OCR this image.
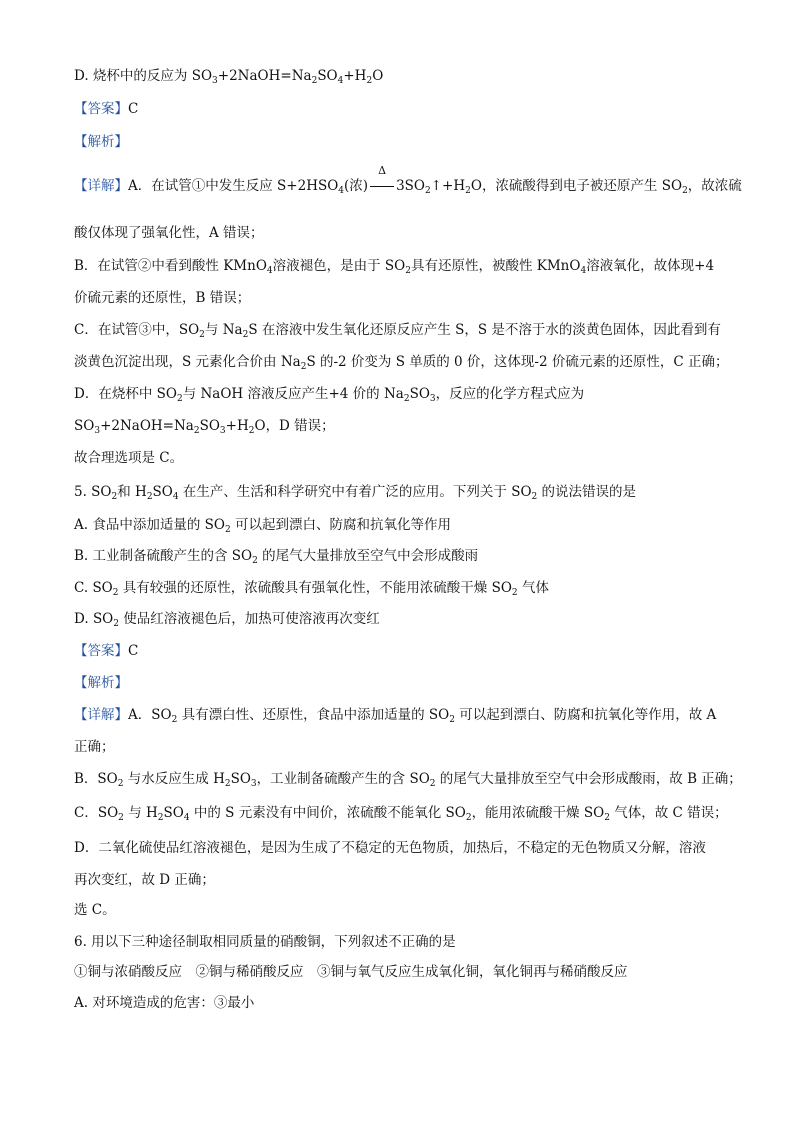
D. 烧杯中的反应为 $SO_3+2NaOH=Na_2SO_4+H_2O$
【答案】C
【解析】
【详解】A．在试管①中发生反应 $S+2HSO_4$(浓)
Δ
$3SO_2↑+H_2O$，浓硫酸得到电子被还原产生 $SO_2$，故浓硫
酸仅体现了强氧化性，A 错误；
B．在试管②中看到酸性 KMnO$_4$溶液褪色，是由于 $SO_2$具有还原性，被酸性 KMnO$_4$溶液氧化，故体现+4
价硫元素的还原性，B 错误；
C．在试管③中，$SO_2$与 $Na_2S$ 在溶液中发生氧化还原反应产生 S，S 是不溶于水的淡黄色固体，因此看到有
淡黄色沉淀出现，S 元素化合价由 $Na_2S$ 的-2 价变为 S 单质的 0 价，这体现-2 价硫元素的还原性，C 正确；
D．在烧杯中 $SO_2$与 NaOH 溶液反应产生+4 价的 $Na_2SO_3$，反应的化学方程式应为
$SO_3+2NaOH=Na_2SO_3+H_2O$，D 错误；
故合理选项是 C。
5. $SO_2$和 $H_2SO_4$ 在生产、生活和科学研究中有着广泛的应用。下列关于 $SO_2$ 的说法错误的是
A. 食品中添加适量的 $SO_2$ 可以起到漂白、防腐和抗氧化等作用
B. 工业制备硫酸产生的含 $SO_2$ 的尾气大量排放至空气中会形成酸雨
C. $SO_2$ 具有较强的还原性，浓硫酸具有强氧化性，不能用浓硫酸干燥 $SO_2$ 气体
D. $SO_2$ 使品红溶液褪色后，加热可使溶液再次变红
【答案】C
【解析】
【详解】A．$SO_2$ 具有漂白性、还原性，食品中添加适量的 $SO_2$ 可以起到漂白、防腐和抗氧化等作用，故 A
正确；
B．$SO_2$ 与水反应生成 $H_2SO_3$，工业制备硫酸产生的含 $SO_2$ 的尾气大量排放至空气中会形成酸雨，故 B 正确；
C．$SO_2$ 与 $H_2SO_4$ 中的 S 元素没有中间价，浓硫酸不能氧化 $SO_2$，能用浓硫酸干燥 $SO_2$ 气体，故 C 错误；
D．二氧化硫使品红溶液褪色，是因为生成了不稳定的无色物质，加热后，不稳定的无色物质又分解，溶液
再次变红，故 D 正确；
选 C。
6. 用以下三种途径制取相同质量的硝酸铜，下列叙述不正确的是
①铜与浓硝酸反应　②铜与稀硝酸反应　③铜与氧气反应生成氧化铜，氧化铜再与稀硝酸反应
A. 对环境造成的危害：③最小
